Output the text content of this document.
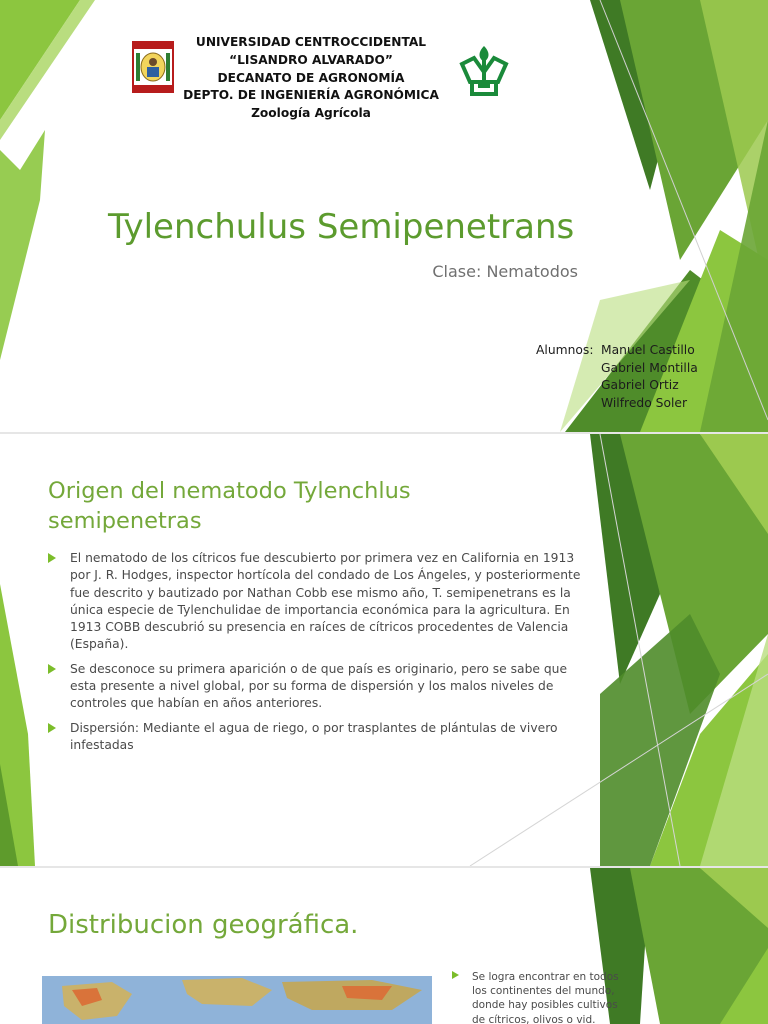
UNIVERSIDAD CENTROCCIDENTAL
“LISANDRO ALVARADO”
DECANATO DE AGRONOMÍA
DEPTO. DE INGENIERÍA AGRONÓMICA
Zoología Agrícola
Tylenchulus Semipenetrans
Clase: Nematodos
Alumnos: Manuel Castillo
Gabriel Montilla
Gabriel Ortiz
Wilfredo Soler
Origen del nematodo Tylenchlus semipenetras
El nematodo de los cítricos fue descubierto por primera vez en California en 1913 por J. R. Hodges, inspector hortícola del condado de Los Ángeles, y posteriormente fue descrito y bautizado por Nathan Cobb ese mismo año, T. semipenetrans es la única especie de Tylenchulidae de importancia económica para la agricultura. En 1913 COBB descubrió su presencia en raíces de cítricos procedentes de Valencia (España).
Se desconoce su primera aparición o de que país es originario, pero se sabe que esta presente a nivel global, por su forma de dispersión y los malos niveles de controles que habían en años anteriores.
Dispersión: Mediante el agua de riego, o por trasplantes de plántulas de vivero infestadas
Distribucion geográfica.
Se logra encontrar en todos los continentes del mundo, donde hay posibles cultivos de cítricos, olivos o vid.
